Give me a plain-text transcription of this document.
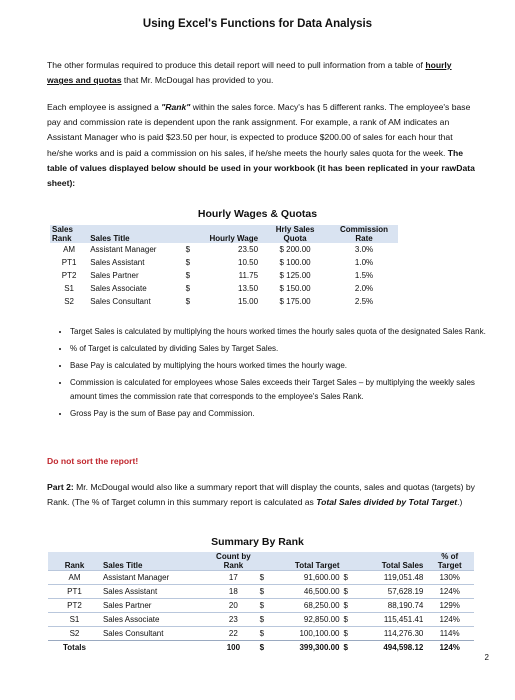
Using Excel's Functions for Data Analysis
The other formulas required to produce this detail report will need to pull information from a table of hourly wages and quotas that Mr. McDougal has provided to you.
Each employee is assigned a "Rank" within the sales force. Macy's has 5 different ranks. The employee's base pay and commission rate is dependent upon the rank assignment. For example, a rank of AM indicates an Assistant Manager who is paid $23.50 per hour, is expected to produce $200.00 of sales for each hour that he/she works and is paid a commission on his sales, if he/she meets the hourly sales quota for the week. The table of values displayed below should be used in your workbook (it has been replicated in your rawData sheet):
Hourly Wages & Quotas
Sales				Hrly Sales	Commission
Rank	Sales Title	Hourly Wage		Quota	Rate
AM	Assistant Manager	$	23.50	$ 200.00	3.0%
PT1	Sales Assistant	$	10.50	$ 100.00	1.0%
PT2	Sales Partner	$	11.75	$ 125.00	1.5%
S1	Sales Associate	$	13.50	$ 150.00	2.0%
S2	Sales Consultant	$	15.00	$ 175.00	2.5%
• Target Sales is calculated by multiplying the hours worked times the hourly sales quota of the designated Sales Rank.
• % of Target is calculated by dividing Sales by Target Sales.
• Base Pay is calculated by multiplying the hours worked times the hourly wage.
• Commission is calculated for employees whose Sales exceeds their Target Sales – by multiplying the weekly sales amount times the commission rate that corresponds to the employee's Sales Rank.
• Gross Pay is the sum of Base pay and Commission.
Do not sort the report!
Part 2: Mr. McDougal would also like a summary report that will display the counts, sales and quotas (targets) by Rank. (The % of Target column in this summary report is calculated as Total Sales divided by Total Target.)
Summary By Rank
		Count by					% of
Rank	Sales Title	Rank	Total Target		Total Sales		Target
AM	Assistant Manager	17	$	91,600.00	$	119,051.48	130%
PT1	Sales Assistant	18	$	46,500.00	$	57,628.19	124%
PT2	Sales Partner	20	$	68,250.00	$	88,190.74	129%
S1	Sales Associate	23	$	92,850.00	$	115,451.41	124%
S2	Sales Consultant	22	$	100,100.00	$	114,276.30	114%
Totals		100	$	399,300.00	$	494,598.12	124%
2
